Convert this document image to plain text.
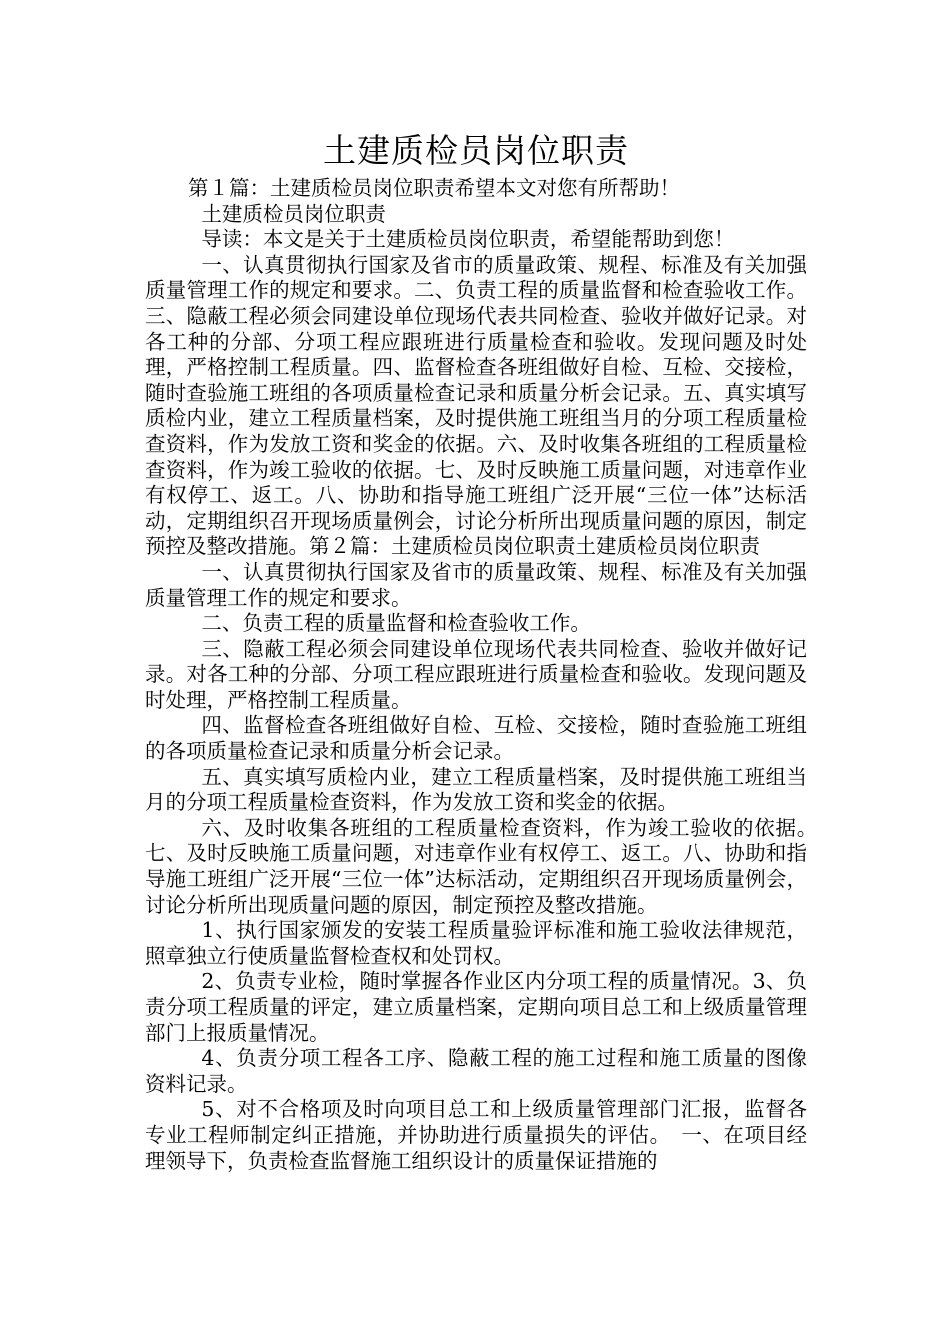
土建质检员岗位职责

第１篇：土建质检员岗位职责希望本文对您有所帮助！

土建质检员岗位职责

导读：本文是关于土建质检员岗位职责，希望能帮助到您！

一、认真贯彻执行国家及省市的质量政策、规程、标准及有关加强质量管理工作的规定和要求。二、负责工程的质量监督和检查验收工作。三、隐蔽工程必须会同建设单位现场代表共同检查、验收并做好记录。对各工种的分部、分项工程应跟班进行质量检查和验收。发现问题及时处理，严格控制工程质量。四、监督检查各班组做好自检、互检、交接检，随时查验施工班组的各项质量检查记录和质量分析会记录。五、真实填写质检内业，建立工程质量档案，及时提供施工班组当月的分项工程质量检查资料，作为发放工资和奖金的依据。六、及时收集各班组的工程质量检查资料，作为竣工验收的依据。七、及时反映施工质量问题，对违章作业有权停工、返工。八、协助和指导施工班组广泛开展“三位一体”达标活动，定期组织召开现场质量例会，讨论分析所出现质量问题的原因，制定预控及整改措施。第２篇：土建质检员岗位职责土建质检员岗位职责

一、认真贯彻执行国家及省市的质量政策、规程、标准及有关加强质量管理工作的规定和要求。

二、负责工程的质量监督和检查验收工作。

三、隐蔽工程必须会同建设单位现场代表共同检查、验收并做好记录。对各工种的分部、分项工程应跟班进行质量检查和验收。发现问题及时处理，严格控制工程质量。

四、监督检查各班组做好自检、互检、交接检，随时查验施工班组的各项质量检查记录和质量分析会记录。

五、真实填写质检内业，建立工程质量档案，及时提供施工班组当月的分项工程质量检查资料，作为发放工资和奖金的依据。

六、及时收集各班组的工程质量检查资料，作为竣工验收的依据。　七、及时反映施工质量问题，对违章作业有权停工、返工。八、协助和指导施工班组广泛开展“三位一体”达标活动，定期组织召开现场质量例会，讨论分析所出现质量问题的原因，制定预控及整改措施。

1、执行国家颁发的安装工程质量验评标准和施工验收法律规范，照章独立行使质量监督检查权和处罚权。

2、负责专业检，随时掌握各作业区内分项工程的质量情况。3、负责分项工程质量的评定，建立质量档案，定期向项目总工和上级质量管理部门上报质量情况。

4、负责分项工程各工序、隐蔽工程的施工过程和施工质量的图像资料记录。

5、对不合格项及时向项目总工和上级质量管理部门汇报，监督各专业工程师制定纠正措施，并协助进行质量损失的评估。　一、在项目经理领导下，负责检查监督施工组织设计的质量保证措施的
